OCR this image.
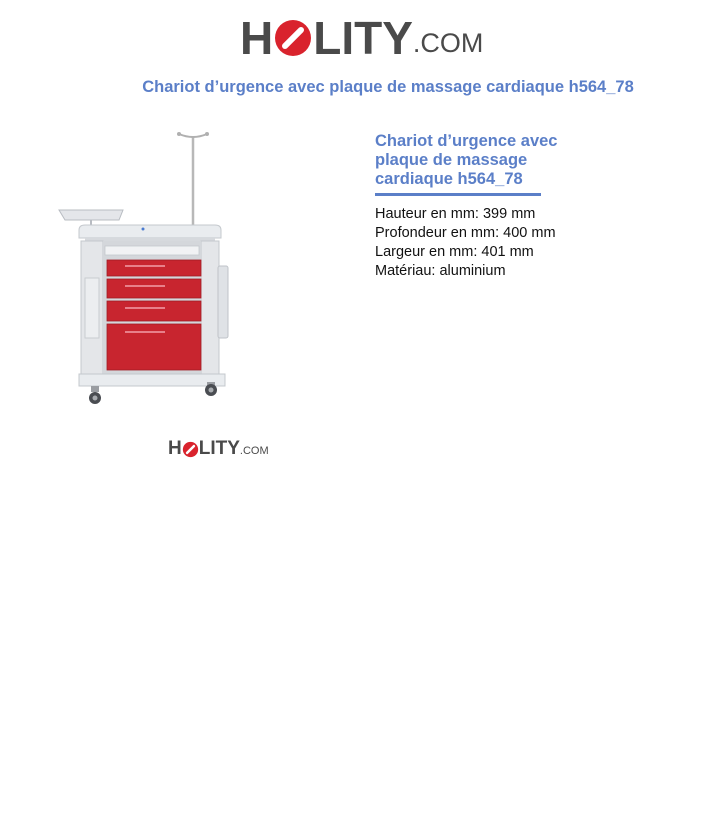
H LITY .COM
Chariot d’urgence avec plaque de massage cardiaque h564_78
H LITY .COM
Chariot d’urgence avec
plaque de massage
cardiaque h564_78
Hauteur en mm: 399 mm
Profondeur en mm: 400 mm
Largeur en mm: 401 mm
Matériau: aluminium
